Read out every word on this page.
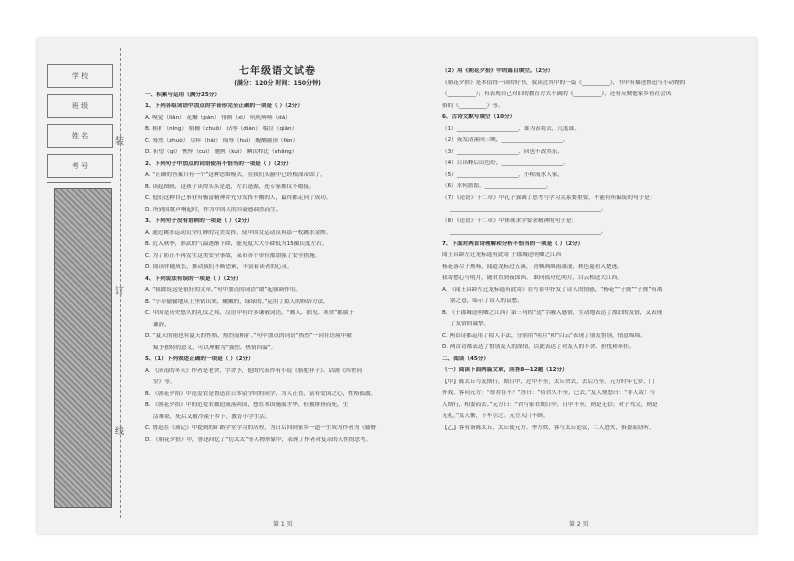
学 校
班 级
姓 名
考 号
装
订
线
七年级语文试卷
(满分：120分 时间：150分钟)
一、积累与运用（满分25分）
1、下列各组词语中加点的字音形完全正确的一项是（ ）（2分）
A. 嗅觉（liǎn） 花瓣（pán） 徘徊（xì） 吭吭哧哧（dá）
B. 粗犷（nǐng） 稻穗（chuō） 玷辱（diàn） 啜泣（qiān）
C. 蓦然（zhuó） 尽瘁（hài） 侮辱（huì） 醍醐灌顶（fèn）
D. 祈望（qí） 憔悴（cuì） 驰骋（kuì） 鳞次栉比（shāng）
2、下列句子中加点的词语使用不恰当的一项是（ ）（2分）
A. “正确的答案只有一个”这种思维模式，在我们头脑中已经根深蒂固了。
B. 读起图画，这孩子读得头头是道，左右逢源，连专家都仪不暇接。
C. 他们这种自己事业有极富精神并充分发挥不懈的人，最终都走向了成功。
D. 所到国歌声响起时，作为中国人的自豪感油然而生。
3、下列句子没有语病的一项是（ ）（2分）
A. 通过跳水运动员全红婵的完美发挥，使中国女运动员再添一枚跳水金牌。
B. 近入秋季，彩武的气温逐渐下降，能见度大大小降低为15摄氏度左右。
C. 为了防止不再发生这类安全事故，某市各个单位都加强了安全措施。
D. 阅读伴随成长，推动我们不断思索，丰富着读者的心灵。
4、下列说法有误的一项是（ ）（2分）
A. “我敢说这是很好的文章。”句中加点的词语“敢”起强调作用。
B. “小草偷偷地从土里钻出来，嫩嫩的，绿绿的。”运用了拟人的修辞方法。
C. 中国是历史悠久的礼仪之邦，汉语中有许多谦敬词语，“郵人、拙见、寒舍”都属于
谦辞。
D. “夏天的雨也有夏天的性格，热烈而粗犷。”句中加点的词语“热烈”一词在语境中被
赋予独特的意义，可以理解为“强烈、热情四溢”。
5、（1）下列表述正确的一项是（ ）（2分）
A. 《济南的冬天》作者是老舍，字舍予，他的代表作有小说《骆驼祥子》、话剧《四世同
堂》等。
B. 《朝花夕拾》中范爱农是鲁迅在日本留学时的同学，为人正直，富有爱国之心，性格孤傲。
B. 《朝花夕拾》中的范爱农被迫流落回国，想在本国施展才华，但被排挤而死，生
活难堪，死后又被冷漠于乡下，教育小学生活。
C. 鲁迅在《琐记》中提到的矿路学堂学习的历程，为日后回到家乡一道一生成为作者为《藤野
D. 《朝花夕拾》中，鲁迅回忆了“衍太太”等人物形象中，表现了作者对复杂的人性的思考。
（2）用《朝花夕拾》中的篇目填空。（2分）
《朝花夕拾》是本值得一读的好书，我读过其中的一篇《__________》，书中有描述鲁迅与小动物的
（__________）；有表现自己对旧的教育方式不满的《__________》，还有反映他家乡看社会风
俗的《__________》等。
6、古诗文默写填空（10分）
（1）______________________，谁为表将去，几度谁。
（2）夜发清溪向三峡，______________________。
（3）______________________，回也不改其乐。
（4）日出峰后山色好，______________________。
（5）______________________，小桥流水人家。
（6）水何澹澹，______________________。
（7）《论语》十二章》中孔子强调了思考与学习关系要重要，不能有所偏废的句子是：
______________________________________________________。
（8）《论语》十二章》中体现求学要求精神的句子是：
______________________________________________________。
7、下面对两首诗理解和分析不恰当的一项是（ ）（2分）
闻王昌龄左迁龙标遥有此寄 于郡城送明卿之江西
杨花落尽子规啼，闻道龙标过五溪。 青枫飒飒雨凄凄，秋色遥看入楚迷。
我寄愁心与明月，随君直到夜郎西。 谁向孤舟忆明月，白云相送大江西。
A. 《闻王昌龄左迁龙标遥有此寄》在写景中抒发了诗人的情感，“杨花”“子规”“子规”有离
别之意，暗示了诗人的哀愁。
B. 《于郡城送明卿之江西》第三句的“送”字融入感情，生动地表达了漂泊的友情，又表现
了友情的诚挚。
C. 两首诗都运用了拟人手法，分别用“明月”和“白云”表现了朋友惜别，情意绵绵。
D. 两首诗都表达了惜别友人的深情，以此表达了对友人的不舍、担忧和牵挂。
二、阅读（45分）
（一）阅读下面两篇文章，回答8—12题（12分）
【甲】陈太丘与友期行，期日中，过中不至，太丘舍去，去后乃至。元方时年七岁，门
外戏。客问元方：“尊君在不？”答曰：“待君久不至，已去。”友人便怒曰：“非人哉！与
人期行，相委而去。”元方曰：“君与家君期日中，日中不至，则是无信；对子骂父，则是
无礼。”友人惭，下车引之。元方入门不顾。
【乙】客有诣陈太丘，太丘使元方、季方炊，客与太丘论议，二人进火，俱委而窃听。
第 1 页	第 2 页
